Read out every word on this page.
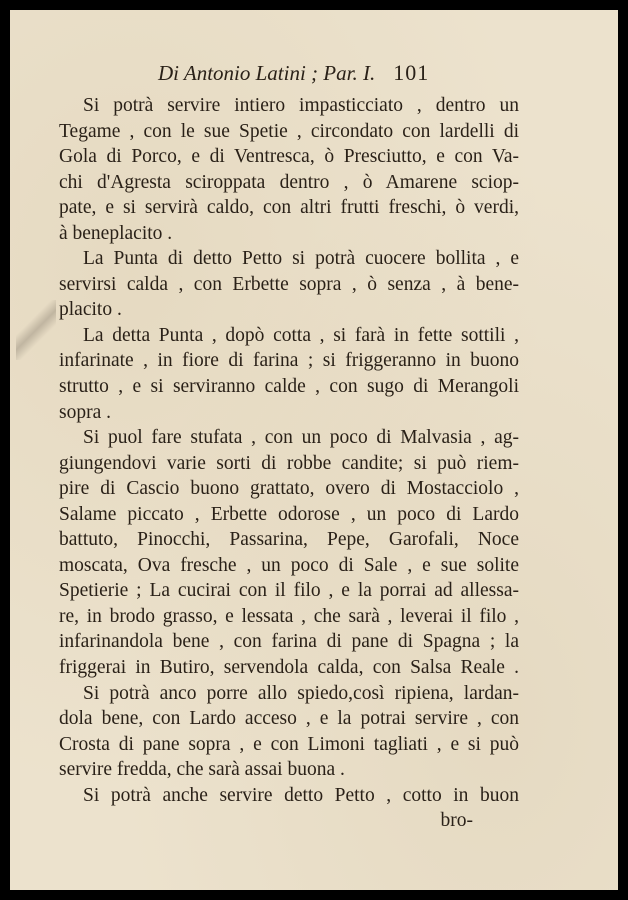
Di Antonio Latini ; Par. I. 101
Si potrà servire intiero impasticciato , dentro un
Tegame , con le sue Spetie , circondato con lardelli di
Gola di Porco, e di Ventresca, ò Presciutto, e con Va-
chi d'Agresta sciroppata dentro , ò Amarene sciop-
pate, e si servirà caldo, con altri frutti freschi, ò verdi,
à beneplacito .
La Punta di detto Petto si potrà cuocere bollita , e
servirsi calda , con Erbette sopra , ò senza , à bene-
placito .
La detta Punta , dopò cotta , si farà in fette sottili ,
infarinate , in fiore di farina ; si friggeranno in buono
strutto , e si serviranno calde , con sugo di Merangoli
sopra .
Si puol fare stufata , con un poco di Malvasia , ag-
giungendovi varie sorti di robbe candite; si può riem-
pire di Cascio buono grattato, overo di Mostacciolo ,
Salame piccato , Erbette odorose , un poco di Lardo
battuto, Pinocchi, Passarina, Pepe, Garofali, Noce
moscata, Ova fresche , un poco di Sale , e sue solite
Spetierie ; La cucirai con il filo , e la porrai ad allessa-
re, in brodo grasso, e lessata , che sarà , leverai il filo ,
infarinandola bene , con farina di pane di Spagna ; la
friggerai in Butiro, servendola calda, con Salsa Reale .
Si potrà anco porre allo spiedo,così ripiena, lardan-
dola bene, con Lardo acceso , e la potrai servire , con
Crosta di pane sopra , e con Limoni tagliati , e si può
servire fredda, che sarà assai buona .
Si potrà anche servire detto Petto , cotto in buon
bro-
